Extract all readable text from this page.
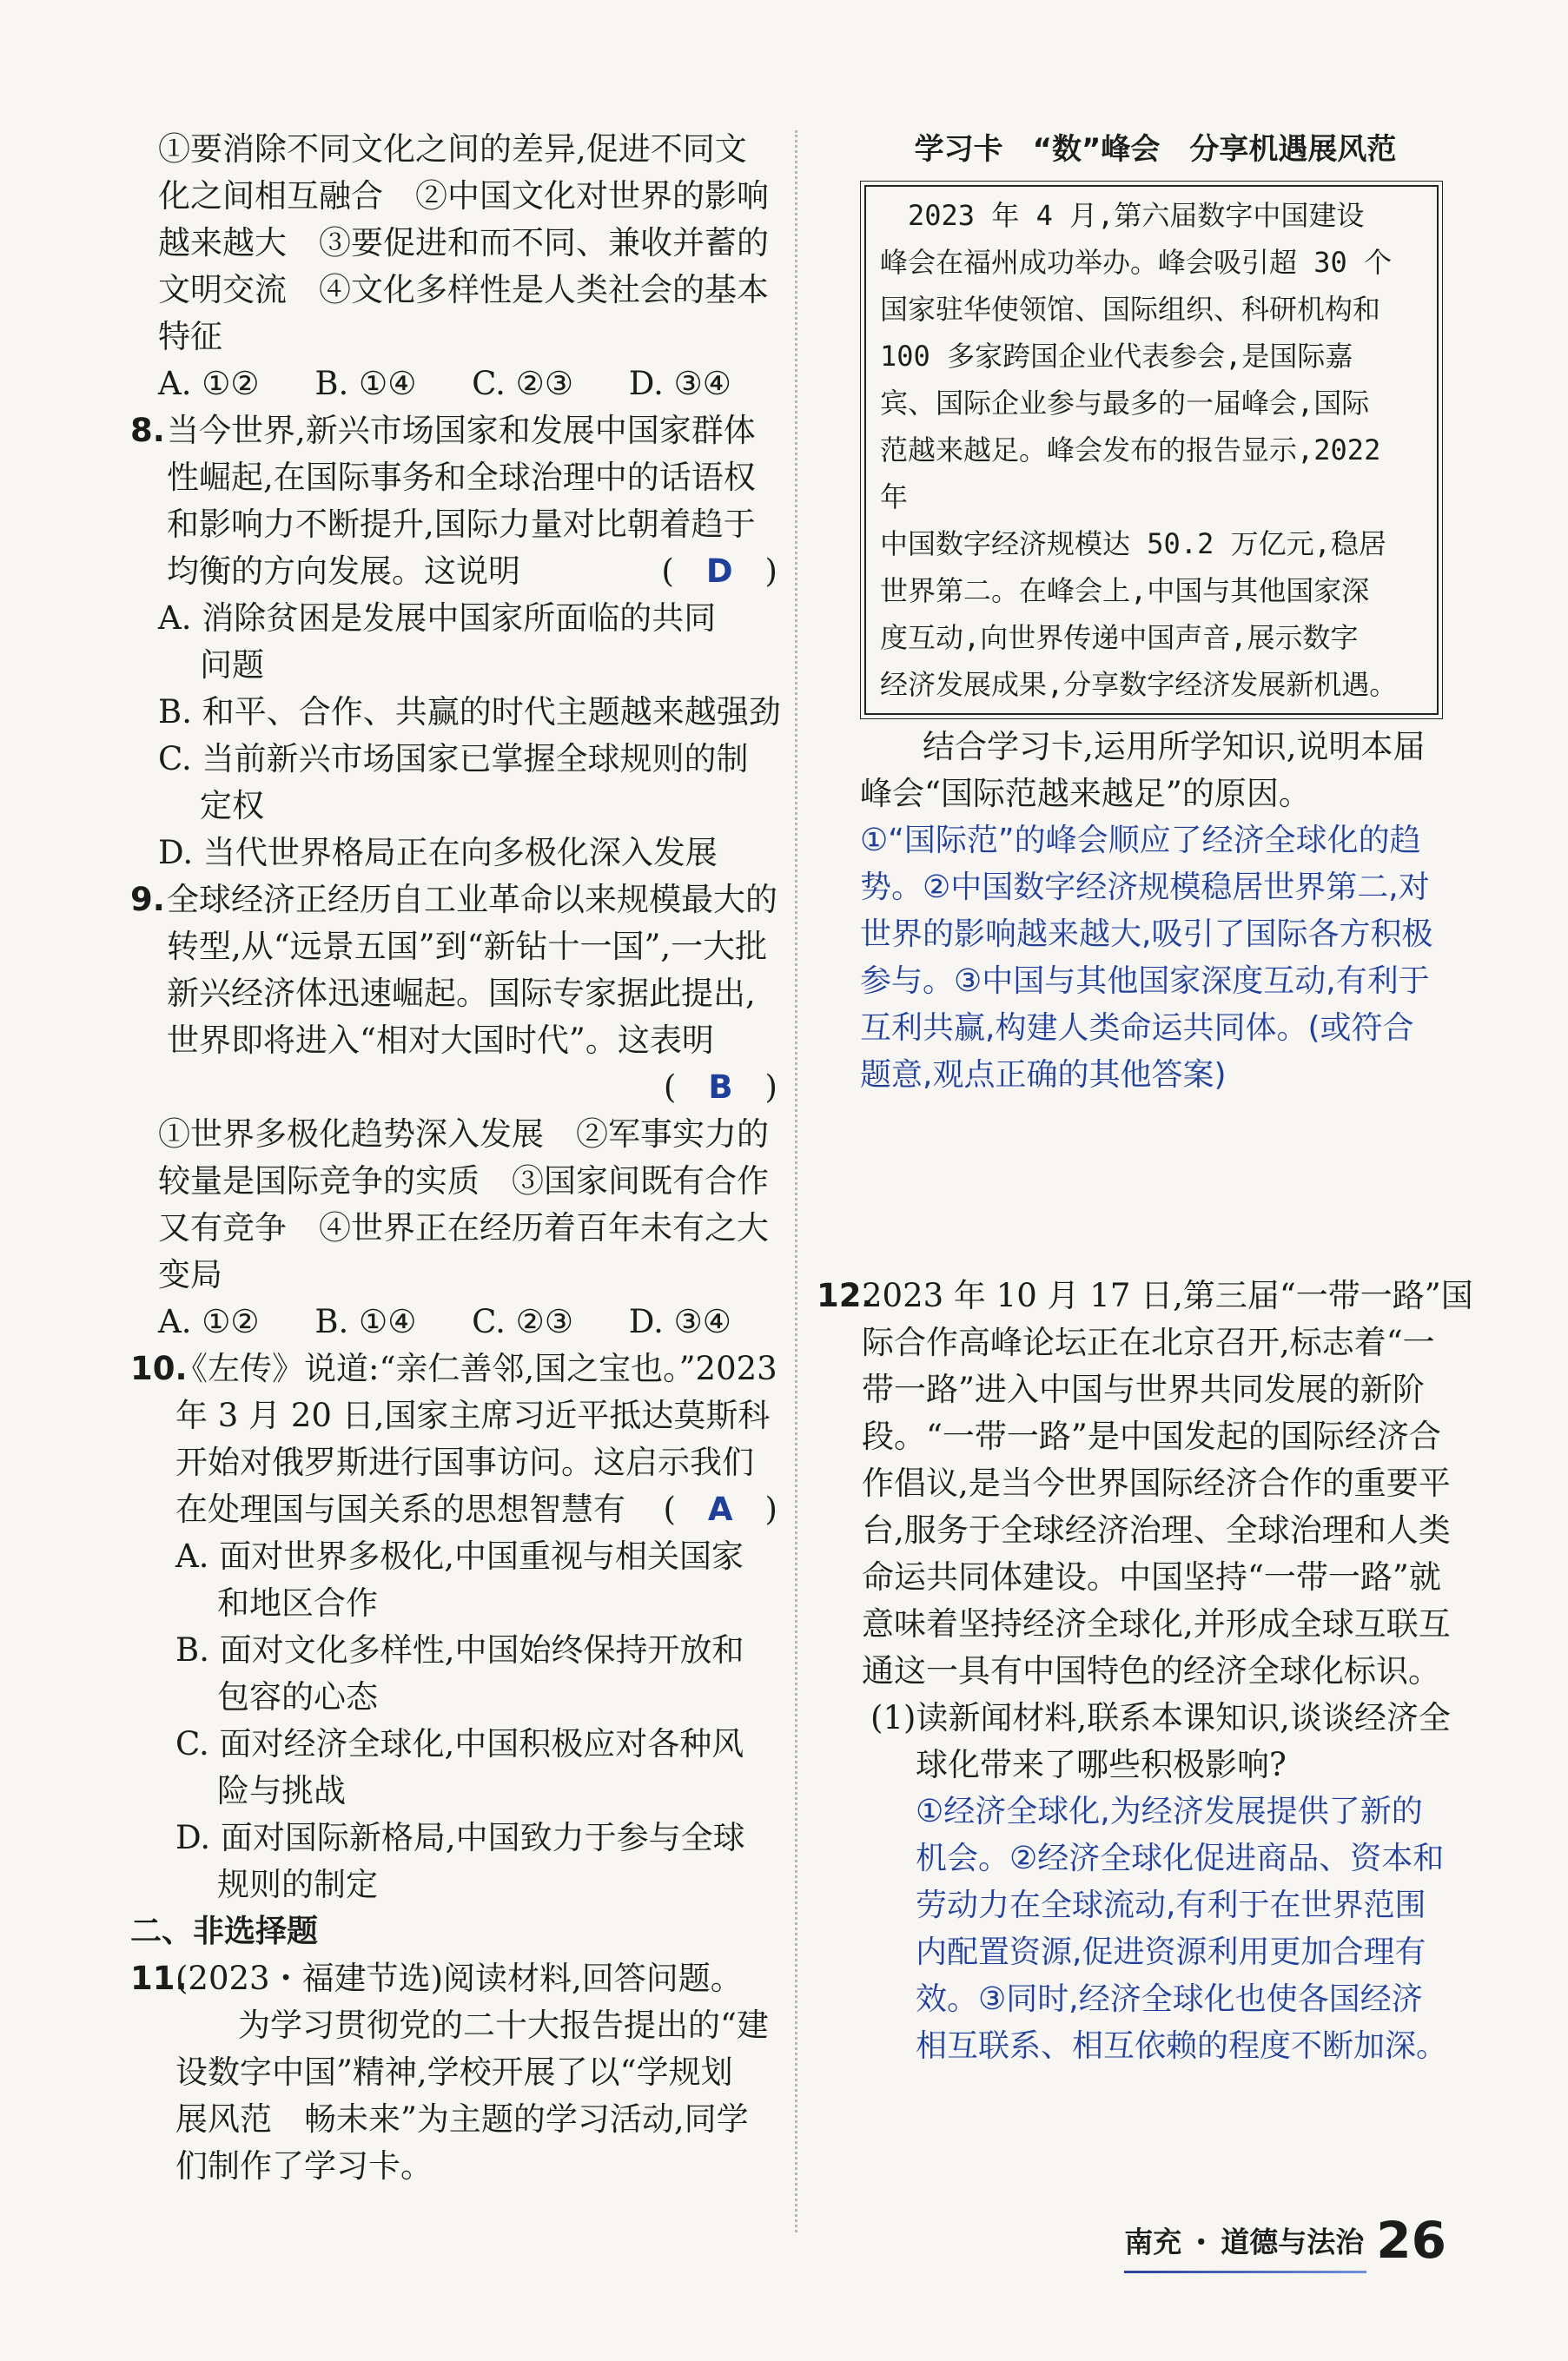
①要消除不同文化之间的差异,促进不同文
化之间相互融合　②中国文化对世界的影响
越来越大　③要促进和而不同、兼收并蓄的
文明交流　④文化多样性是人类社会的基本
特征
A. ①② B. ①④ C. ②③ D. ③④
8. 当今世界,新兴市场国家和发展中国家群体
性崛起,在国际事务和全球治理中的话语权
和影响力不断提升,国际力量对比朝着趋于
均衡的方向发展。这说明	(　D　)
A. 消除贫困是发展中国家所面临的共同
问题
B. 和平、合作、共赢的时代主题越来越强劲
C. 当前新兴市场国家已掌握全球规则的制
定权
D. 当代世界格局正在向多极化深入发展
9. 全球经济正经历自工业革命以来规模最大的
转型,从“远景五国”到“新钻十一国”,一大批
新兴经济体迅速崛起。国际专家据此提出,
世界即将进入“相对大国时代”。这表明
(　B　)
①世界多极化趋势深入发展　②军事实力的
较量是国际竞争的实质　③国家间既有合作
又有竞争　④世界正在经历着百年未有之大
变局
A. ①② B. ①④ C. ②③ D. ③④
10.
《左传》说道:“亲仁善邻,国之宝也。”2023
年 3 月 20 日,国家主席习近平抵达莫斯科
开始对俄罗斯进行国事访问。这启示我们
在处理国与国关系的思想智慧有 (　A　)
A. 面对世界多极化,中国重视与相关国家
和地区合作
B. 面对文化多样性,中国始终保持开放和
包容的心态
C. 面对经济全球化,中国积极应对各种风
险与挑战
D. 面对国际新格局,中国致力于参与全球
规则的制定
二、非选择题
11.
(2023・福建节选)阅读材料,回答问题。
为学习贯彻党的二十大报告提出的“建
设数字中国”精神,学校开展了以“学规划
展风范　畅未来”为主题的学习活动,同学
们制作了学习卡。
学习卡　“数”峰会　分享机遇展风范
　2023 年 4 月,第六届数字中国建设
峰会在福州成功举办。峰会吸引超 30 个
国家驻华使领馆、国际组织、科研机构和
100 多家跨国企业代表参会,是国际嘉
宾、国际企业参与最多的一届峰会,国际
范越来越足。峰会发布的报告显示,2022 年
中国数字经济规模达 50.2 万亿元,稳居
世界第二。在峰会上,中国与其他国家深
度互动,向世界传递中国声音,展示数字
经济发展成果,分享数字经济发展新机遇。
结合学习卡,运用所学知识,说明本届
峰会“国际范越来越足”的原因。
①“国际范”的峰会顺应了经济全球化的趋
势。②中国数字经济规模稳居世界第二,对
世界的影响越来越大,吸引了国际各方积极
参与。③中国与其他国家深度互动,有利于
互利共赢,构建人类命运共同体。(或符合
题意,观点正确的其他答案)
12.
2023 年 10 月 17 日,第三届“一带一路”国
际合作高峰论坛正在北京召开,标志着“一
带一路”进入中国与世界共同发展的新阶
段。“一带一路”是中国发起的国际经济合
作倡议,是当今世界国际经济合作的重要平
台,服务于全球经济治理、全球治理和人类
命运共同体建设。中国坚持“一带一路”就
意味着坚持经济全球化,并形成全球互联互
通这一具有中国特色的经济全球化标识。
(1)读新闻材料,联系本课知识,谈谈经济全
球化带来了哪些积极影响?
①经济全球化,为经济发展提供了新的
机会。②经济全球化促进商品、资本和
劳动力在全球流动,有利于在世界范围
内配置资源,促进资源利用更加合理有
效。③同时,经济全球化也使各国经济
相互联系、相互依赖的程度不断加深。
南充 ・ 道德与法治 26
